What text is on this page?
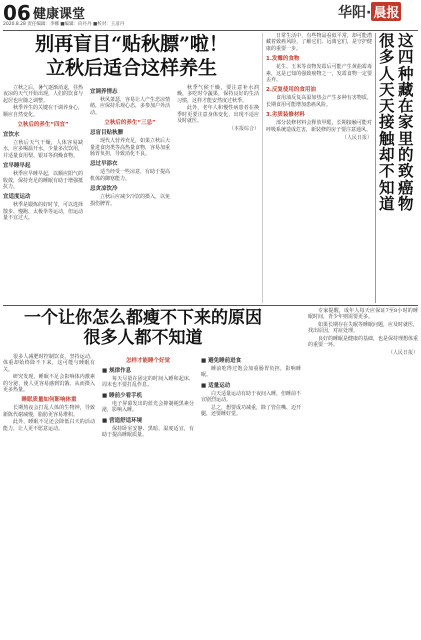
06 健康课堂
2020.8.28 责任编辑：李娜 ■编辑：向丹丹 ■校对：王彦丹
华阳· 晨报
别再盲目“贴秋膘”啦！
立秋后适合这样养生

立秋之后，暑气逐渐消退，昼热夜凉的天气开始出现，人们的饮食与起居也应随之调整。

秋季养生的关键在于调养身心，顺应自然变化。

立秋后的养生“四宜”
宜饮水

立秋后天气干燥，人体容易缺水，应多喝温开水，少量多次饮用，并适量食用梨、银耳等润燥食物。

宜早睡早起

秋季应早睡早起，以顺应阳气的收敛，保持充足的睡眠有助于增强抵抗力。

宜适度运动

秋季是锻炼的好时节，可以选择散步、慢跑、太极拳等运动，但运动量不宜过大。

宜调养情志

秋风萧瑟，容易让人产生悲凉情绪，应保持乐观心态，多参加户外活动。

立秋后的养生“三忌”
忌盲目贴秋膘

现代人营养充足，如果立秋后大量进食肉类等高热量食物，容易加重肠胃负担，导致消化不良。

忌过早添衣

适当经受一些凉意，有助于提高机体的御寒能力。

忌贪凉饮冷

立秋后应减少冷饮的摄入，以免损伤脾胃。

秋季气候干燥，要注意补水润燥，多吃时令蔬果，保持良好的生活习惯，这样才能安然度过秋季。

此外，老年人和慢性病患者在换季时更要注意身体变化，出现不适应及时就医。

（本报综合）

日常生活中，有些物品看似平常，却可能潜藏着致癌风险，了解它们、远离它们，是守护健康的重要一步。

1.发霉的食物

花生、玉米等食物发霉后可能产生黄曲霉毒素，这是已知的强致癌物之一，发霉食物一定要丢弃。

2.反复使用的食用油

食用油反复高温加热会产生多种有害物质，长期食用可能增加患癌风险。

3.劣质装修材料

部分装修材料会释放甲醛，长期接触可能对呼吸系统造成危害，新装修的房子要注意通风。

（人民日报）
这四种藏在家里的致癌物
很多人天天接触却不知道
一个让你怎么都瘦不下来的原因
很多人都不知道

很多人减肥时控制饮食、坚持运动，体重却始终降不下来，这可能与睡眠有关。

研究发现，睡眠不足会影响体内激素的分泌，使人更容易感到饥饿，从而摄入更多热量。

睡眠质量如何影响体重

长期熬夜会打乱人体的生物钟，导致新陈代谢减慢，脂肪更容易堆积。

此外，睡眠不足还会降低白天的活动能力，让人更不愿意运动。

怎样才能睡个好觉
■ 规律作息

每天尽量在固定的时间入睡和起床，周末也不要打乱作息。

■ 睡前少看手机

电子屏幕发出的蓝光会抑制褪黑素分泌，影响入睡。

■ 营造舒适环境

保持卧室安静、黑暗、温度适宜，有助于提高睡眠质量。

■ 避免睡前进食

睡前吃得过饱会加重肠胃负担，影响睡眠。

■ 适量运动

白天适量运动有助于夜间入睡，但睡前不宜剧烈运动。

总之，想要成功减重，除了管住嘴、迈开腿，还要睡好觉。

专家提醒，成年人每天应保证7至8小时的睡眠时间，青少年则需要更多。

如果长期存在失眠等睡眠问题，应及时就医，找出原因，对症处理。

良好的睡眠是健康的基础，也是保持理想体重的重要一环。

（人民日报）
